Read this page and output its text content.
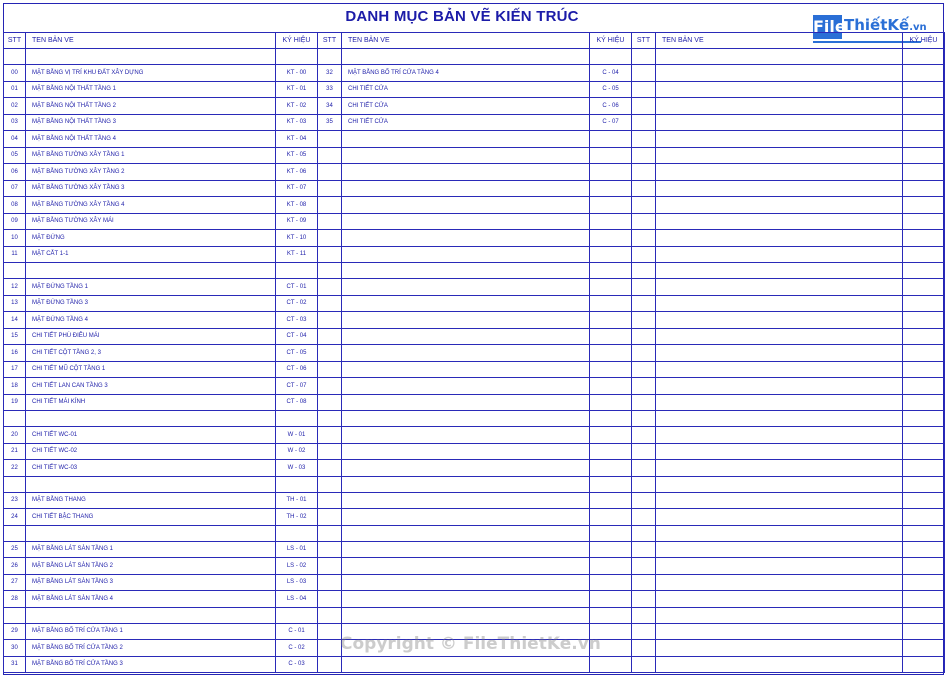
DANH MỤC BẢN VẼ KIẾN TRÚC
File
ThiếtKế.vn
STT	TEN BẢN VE	KÝ HIỆU	STT	TEN BẢN VE	KÝ HIỆU	STT	TEN BẢN VE	KÝ HIỆU

00	MẶT BẰNG VỊ TRÍ KHU ĐẤT XÂY DỰNG	KT - 00	32	MẶT BẰNG BỐ TRÍ CỬA TẦNG 4	C - 04			
01	MẶT BẰNG NỘI THẤT TẦNG 1	KT - 01	33	CHI TIẾT CỬA	C - 05			
02	MẶT BẰNG NỘI THẤT TẦNG 2	KT - 02	34	CHI TIẾT CỬA	C - 06			
03	MẶT BẰNG NỘI THẤT TẦNG 3	KT - 03	35	CHI TIẾT CỬA	C - 07			
04	MẶT BẰNG NỘI THẤT TẦNG 4	KT - 04						
05	MẶT BẰNG TƯỜNG XÂY TẦNG 1	KT - 05						
06	MẶT BẰNG TƯỜNG XÂY TẦNG 2	KT - 06						
07	MẶT BẰNG TƯỜNG XÂY TẦNG 3	KT - 07						
08	MẶT BẰNG TƯỜNG XÂY TẦNG 4	KT - 08						
09	MẶT BẰNG TƯỜNG XÂY MÁI	KT - 09						
10	MẶT ĐỨNG	KT - 10						
11	MẶT CẮT 1-1	KT - 11						

12	MẶT ĐỨNG TẦNG 1	CT - 01						
13	MẶT ĐỨNG TẦNG 3	CT - 02						
14	MẶT ĐỨNG TẦNG 4	CT - 03						
15	CHI TIẾT PHÙ ĐIÊU MÁI	CT - 04						
16	CHI TIẾT CỘT TẦNG 2, 3	CT - 05						
17	CHI TIẾT MŨ CỘT TẦNG 1	CT - 06						
18	CHI TIẾT LAN CAN TẦNG 3	CT - 07						
19	CHI TIẾT MÁI KÍNH	CT - 08						

20	CHI TIẾT WC-01	W - 01						
21	CHI TIẾT WC-02	W - 02						
22	CHI TIẾT WC-03	W - 03						

23	MẶT BẰNG THANG	TH - 01						
24	CHI TIẾT BẬC THANG	TH - 02						

25	MẶT BẰNG LÁT SÀN TẦNG 1	LS - 01						
26	MẶT BẰNG LÁT SÀN TẦNG 2	LS - 02						
27	MẶT BẰNG LÁT SÀN TẦNG 3	LS - 03						
28	MẶT BẰNG LÁT SÀN TẦNG 4	LS - 04						

29	MẶT BẰNG BỐ TRÍ CỬA TẦNG 1	C - 01						
30	MẶT BẰNG BỐ TRÍ CỬA TẦNG 2	C - 02						
31	MẶT BẰNG BỐ TRÍ CỬA TẦNG 3	C - 03						
Copyright © FileThietKe.vn
